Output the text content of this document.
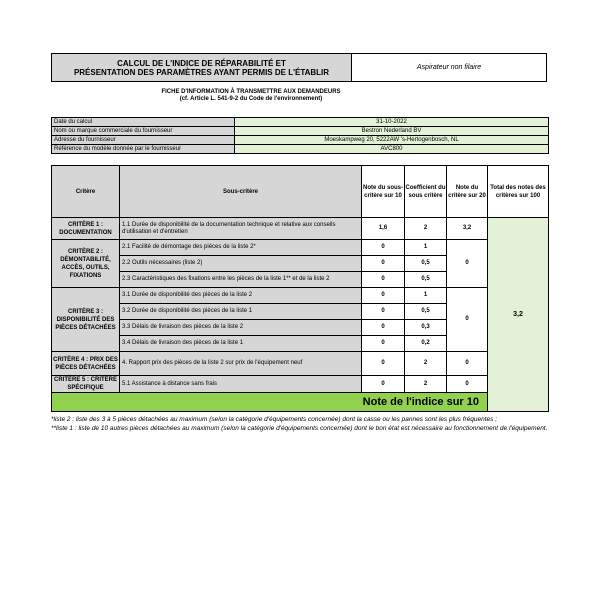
CALCUL DE L'INDICE DE RÉPARABILITÉ ET
PRÉSENTATION DES PARAMÈTRES AYANT PERMIS DE L'ÉTABLIR
Aspirateur non filaire
FICHE D'INFORMATION À TRANSMETTRE AUX DEMANDEURS
(cf. Article L. 541-9-2 du Code de l'environnement)
Date du calcul	31-10-2022
Nom ou marque commerciale du fournisseur	Bestron Nederland BV
Adresse du fournisseur	Moeskampweg 20, 5222AW 's-Hertogenbosch, NL
Référence du modèle donnée par le fournisseur	AVC800
Critère	Sous-critère	Note du sous-critère sur 10	Coefficient du sous critère	Note du critère sur 20	Total des notes des critères sur 100	
CRITÈRE 1 : DOCUMENTATION	1.1 Durée de disponibilité de la documentation technique et relative aux conseils d'utilisation et d'entretien	1,6	2	3,2	3,2	
CRITÈRE 2 : DÉMONTABILITÉ, ACCÈS, OUTILS, FIXATIONS	2.1 Facilité de démontage des pièces de la liste 2*	0	1	0		
	2.2 Outils nécessaires (liste 2)	0	0,5			
	2.3 Caractéristiques des fixations entre les pièces de la liste 1** et de la liste 2	0	0,5			
CRITÈRE 3 : DISPONIBILITÉ DES PIÈCES DÉTACHÉES	3.1 Durée de disponibilité des pièces de la liste 2	0	1	0		
	3.2 Durée de disponibilité des pièces de la liste 1	0	0,5			
	3.3 Délais de livraison des pièces de la liste 2	0	0,3			
	3.4 Délais de livraison des pièces de la liste 1	0	0,2			
CRITÈRE 4 : PRIX DES PIÈCES DÉTACHÉES	4. Rapport prix des pièces de la liste 2 sur prix de l'équipement neuf	0	2	0		
CRITÈRE 5 : CRITÈRE SPÉCIFIQUE	5.1 Assistance à distance sans frais	0	2	0		
Note de l'indice sur 10	
*liste 2 : liste des 3 à 5 pièces détachées au maximum (selon la catégorie d'équipements concernée) dont la casse ou les pannes sont les plus fréquentes ;
**liste 1 : liste de 10 autres pièces détachées au maximum (selon la catégorie d'équipements concernée) dont le bon état est nécessaire au fonctionnement de l'équipement.
